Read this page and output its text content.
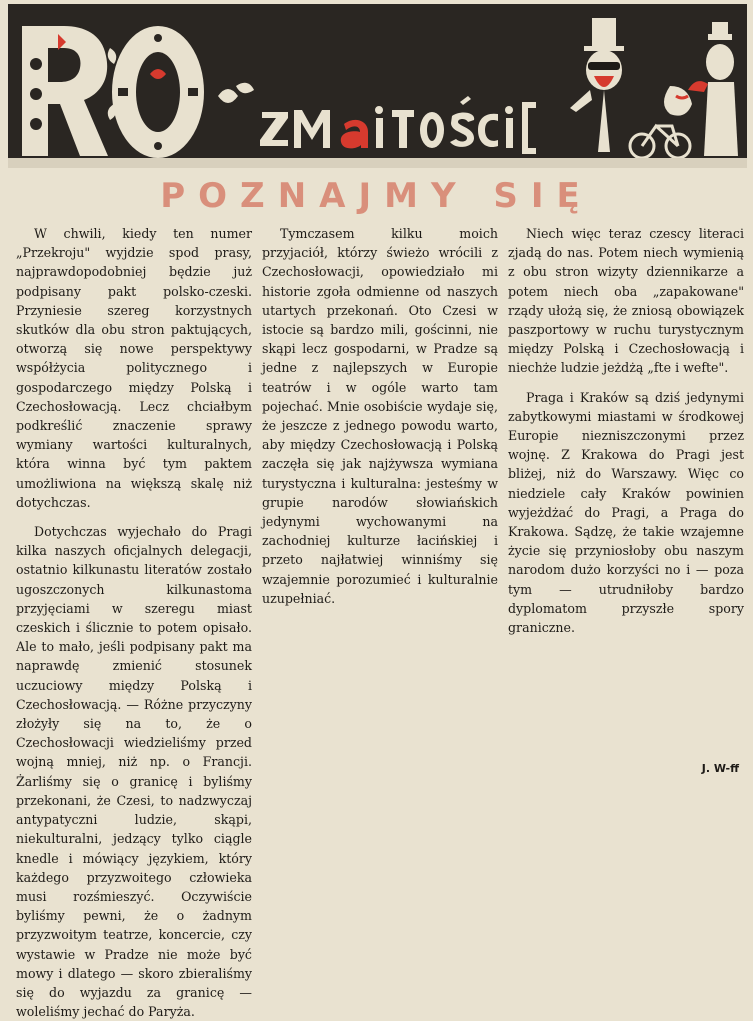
POZNAJMY SIĘ

W chwili, kiedy ten numer „Przekroju" wyjdzie spod prasy, najprawdopodobniej będzie już podpisany pakt polsko-czeski. Przyniesie szereg korzystnych skutków dla obu stron paktujących, otworzą się nowe perspektywy współżycia politycznego i gospodarczego między Polską i Czechosłowacją. Lecz chciałbym podkreślić znaczenie sprawy wymiany wartości kulturalnych, która winna być tym paktem umożliwiona na większą skalę niż dotychczas.

Dotychczas wyjechało do Pragi kilka naszych oficjalnych delegacji, ostatnio kilkunastu literatów zostało ugoszczonych kilkunastoma przyjęciami w szeregu miast czeskich i ślicznie to potem opisało. Ale to mało, jeśli podpisany pakt ma naprawdę zmienić stosunek uczuciowy między Polską i Czechosłowacją. — Różne przyczyny złożyły się na to, że o Czechosłowacji wiedzieliśmy przed wojną mniej, niż np. o Francji. Żarliśmy się o granicę i byliśmy przekonani, że Czesi, to nadzwyczaj antypatyczni ludzie, skąpi, niekulturalni, jedzący tylko ciągle knedle i mówiący językiem, który każdego przyzwoitego człowieka musi rozśmieszyć. Oczywiście byliśmy pewni, że o żadnym przyzwoitym teatrze, koncercie, czy wystawie w Pradze nie może być mowy i dlatego — skoro zbieraliśmy się do wyjazdu za granicę — woleliśmy jechać do Paryża.

Tymczasem kilku moich przyjaciół, którzy świeżo wrócili z Czechosłowacji, opowiedziało mi historie zgoła odmienne od naszych utartych przekonań. Oto Czesi w istocie są bardzo mili, gościnni, nie skąpi lecz gospodarni, w Pradze są jedne z najlepszych w Europie teatrów i w ogóle warto tam pojechać. Mnie osobiście wydaje się, że jeszcze z jednego powodu warto, aby między Czechosłowacją i Polską zaczęła się jak najżywsza wymiana turystyczna i kulturalna: jesteśmy w grupie narodów słowiańskich jedynymi wychowanymi na zachodniej kulturze łacińskiej i przeto najłatwiej winniśmy się wzajemnie porozumieć i kulturalnie uzupełniać.

Niech więc teraz czescy literaci zjadą do nas. Potem niech wymienią z obu stron wizyty dziennikarze a potem niech oba „zapakowane" rządy ułożą się, że zniosą obowiązek paszportowy w ruchu turystycznym między Polską i Czechosłowacją i niechże ludzie jeżdżą „fte i wefte".

Praga i Kraków są dziś jedynymi zabytkowymi miastami w środkowej Europie niezniszczonymi przez wojnę. Z Krakowa do Pragi jest bliżej, niż do Warszawy. Więc co niedziele cały Kraków powinien wyjeżdżać do Pragi, a Praga do Krakowa. Sądzę, że takie wzajemne życie się przyniosłoby obu naszym narodom dużo korzyści no i — poza tym — utrudniłoby bardzo dyplomatom przyszłe spory graniczne.

J. W-ff
